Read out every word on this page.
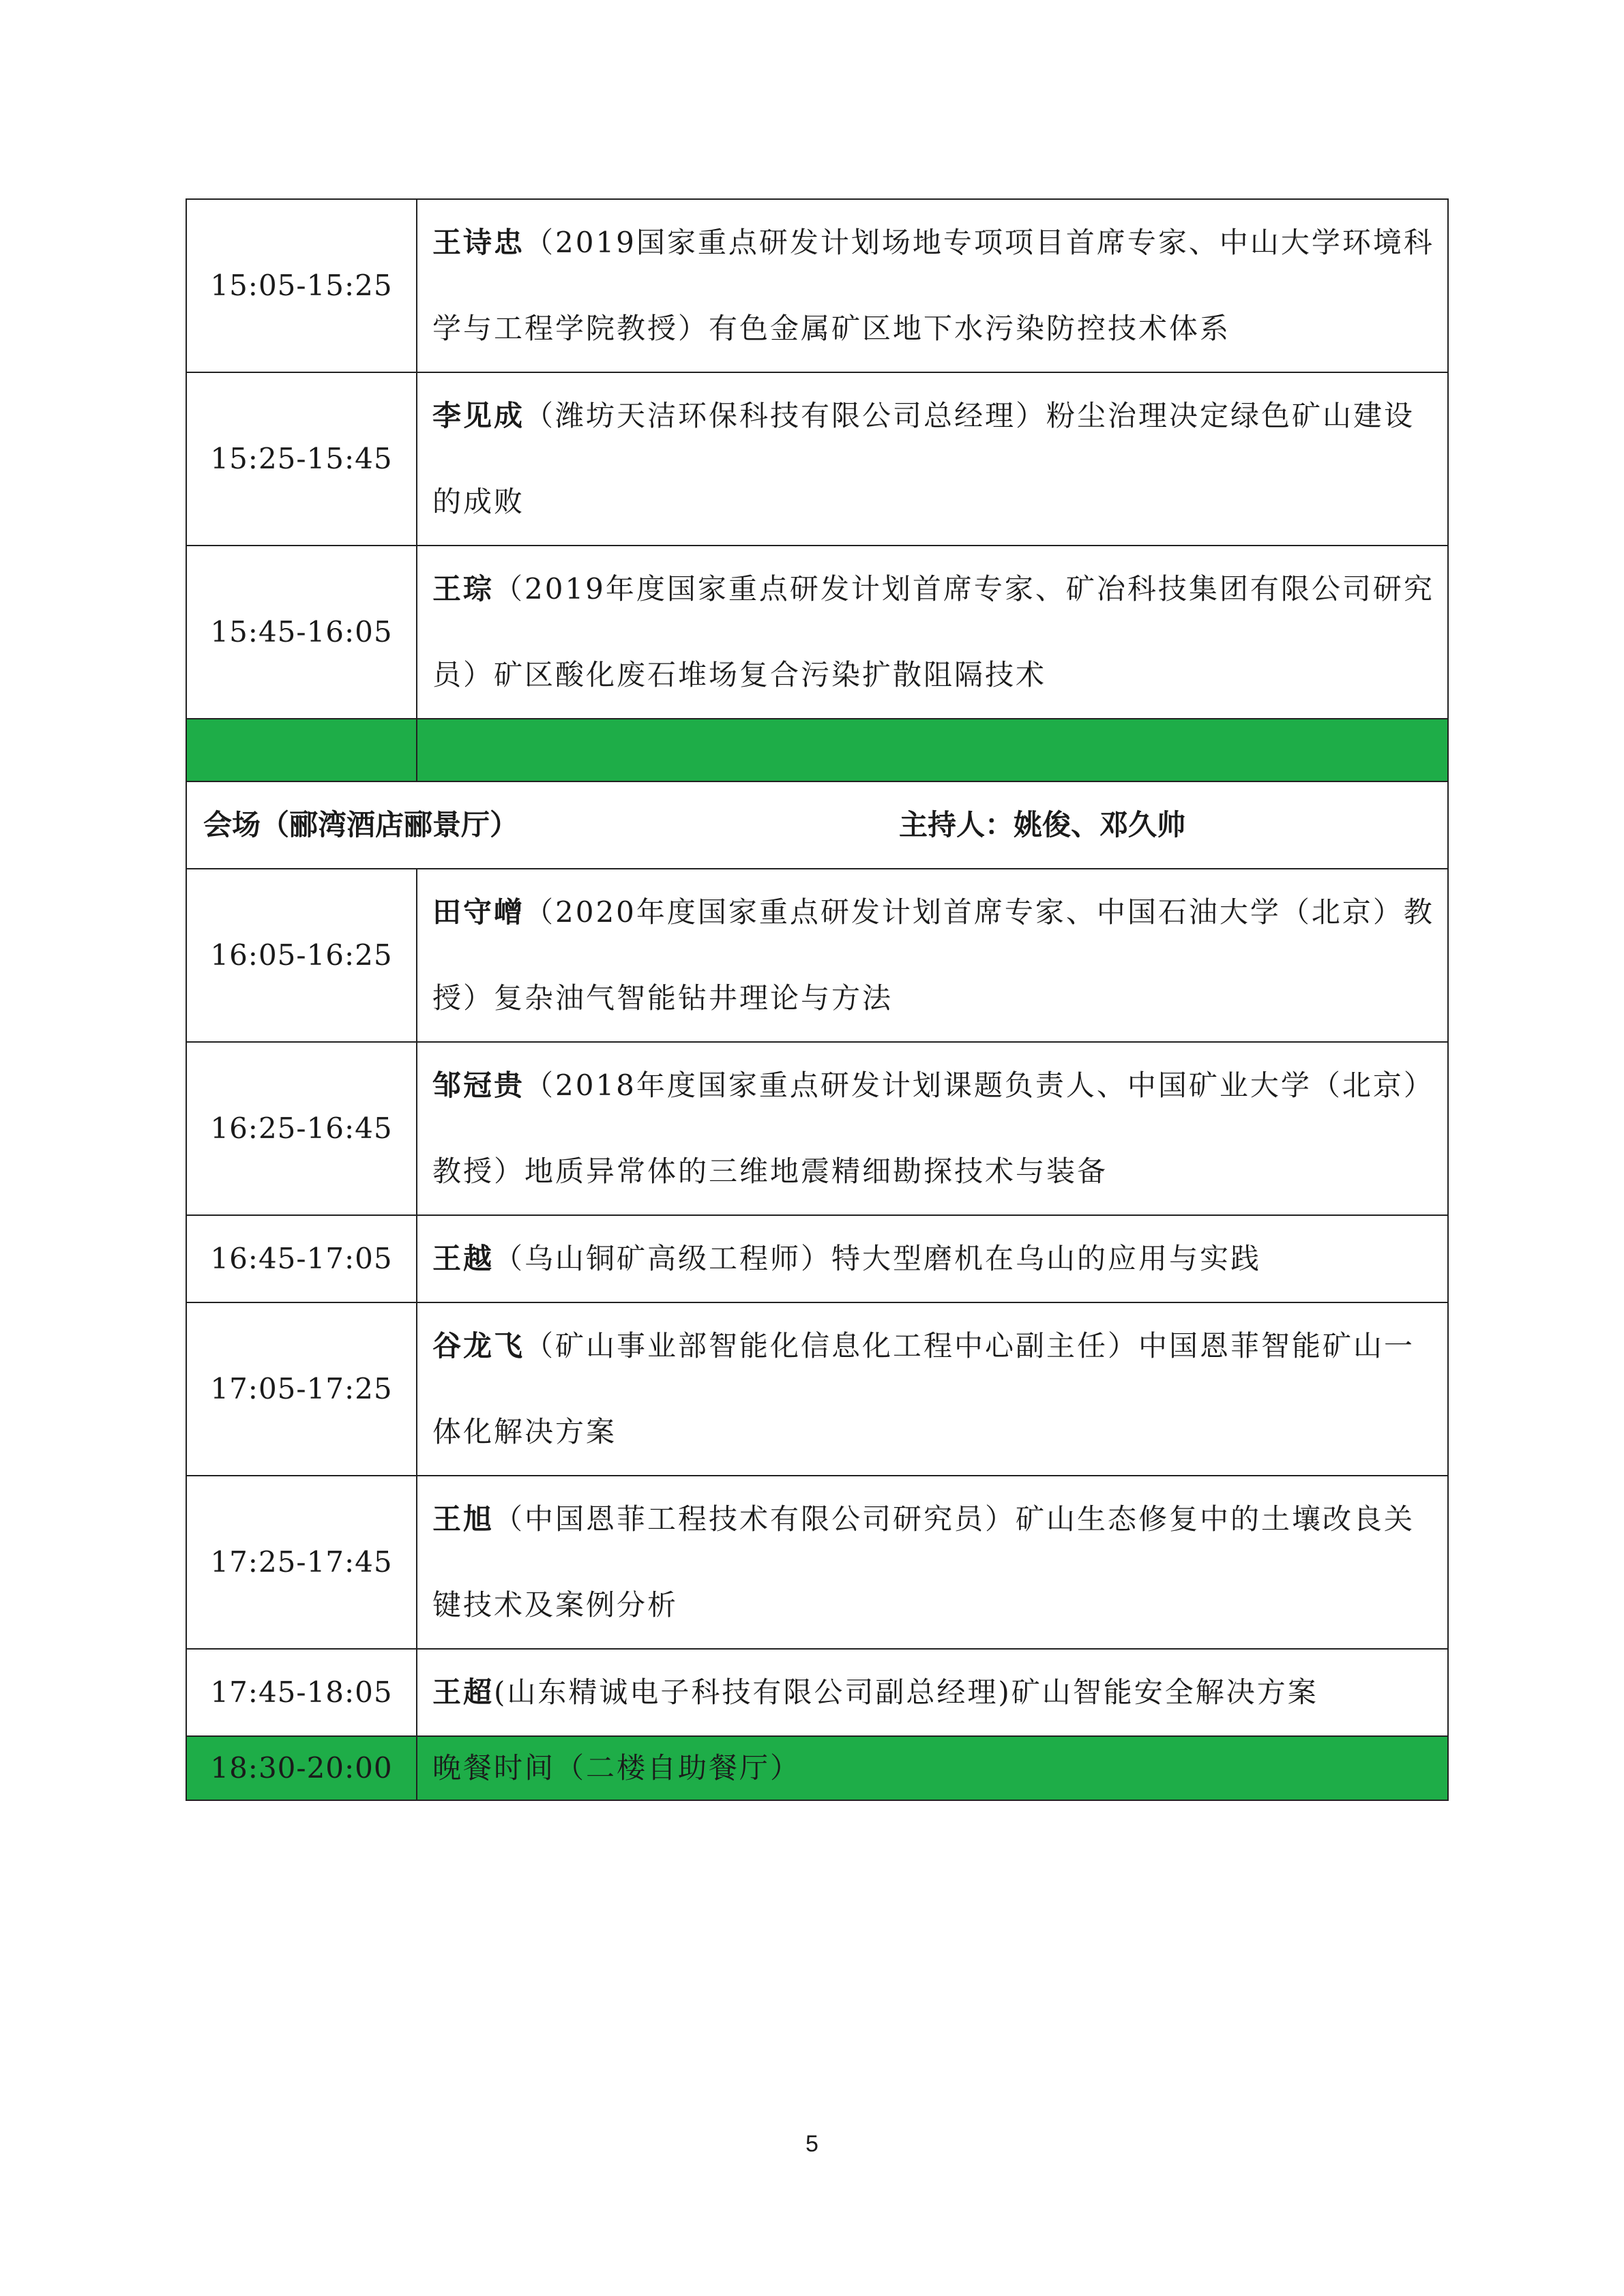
15:05-15:25	王诗忠（2019国家重点研发计划场地专项项目首席专家、中山大学环境科学与工程学院教授）有色金属矿区地下水污染防控技术体系
15:25-15:45	李见成（潍坊天洁环保科技有限公司总经理）粉尘治理决定绿色矿山建设的成败
15:45-16:05	王琮（2019年度国家重点研发计划首席专家、矿冶科技集团有限公司研究员）矿区酸化废石堆场复合污染扩散阻隔技术

会场（郦湾酒店郦景厅） 主持人：姚俊、邓久帅	

16:05-16:25	田守嶒（2020年度国家重点研发计划首席专家、中国石油大学（北京）教授）复杂油气智能钻井理论与方法
16:25-16:45	邹冠贵（2018年度国家重点研发计划课题负责人、中国矿业大学（北京）教授）地质异常体的三维地震精细勘探技术与装备
16:45-17:05	王越（乌山铜矿高级工程师）特大型磨机在乌山的应用与实践
17:05-17:25	谷龙飞（矿山事业部智能化信息化工程中心副主任）中国恩菲智能矿山一体化解决方案
17:25-17:45	王旭（中国恩菲工程技术有限公司研究员）矿山生态修复中的土壤改良关键技术及案例分析
17:45-18:05	王超(山东精诚电子科技有限公司副总经理)矿山智能安全解决方案
18:30-20:00	晚餐时间（二楼自助餐厅）
5
